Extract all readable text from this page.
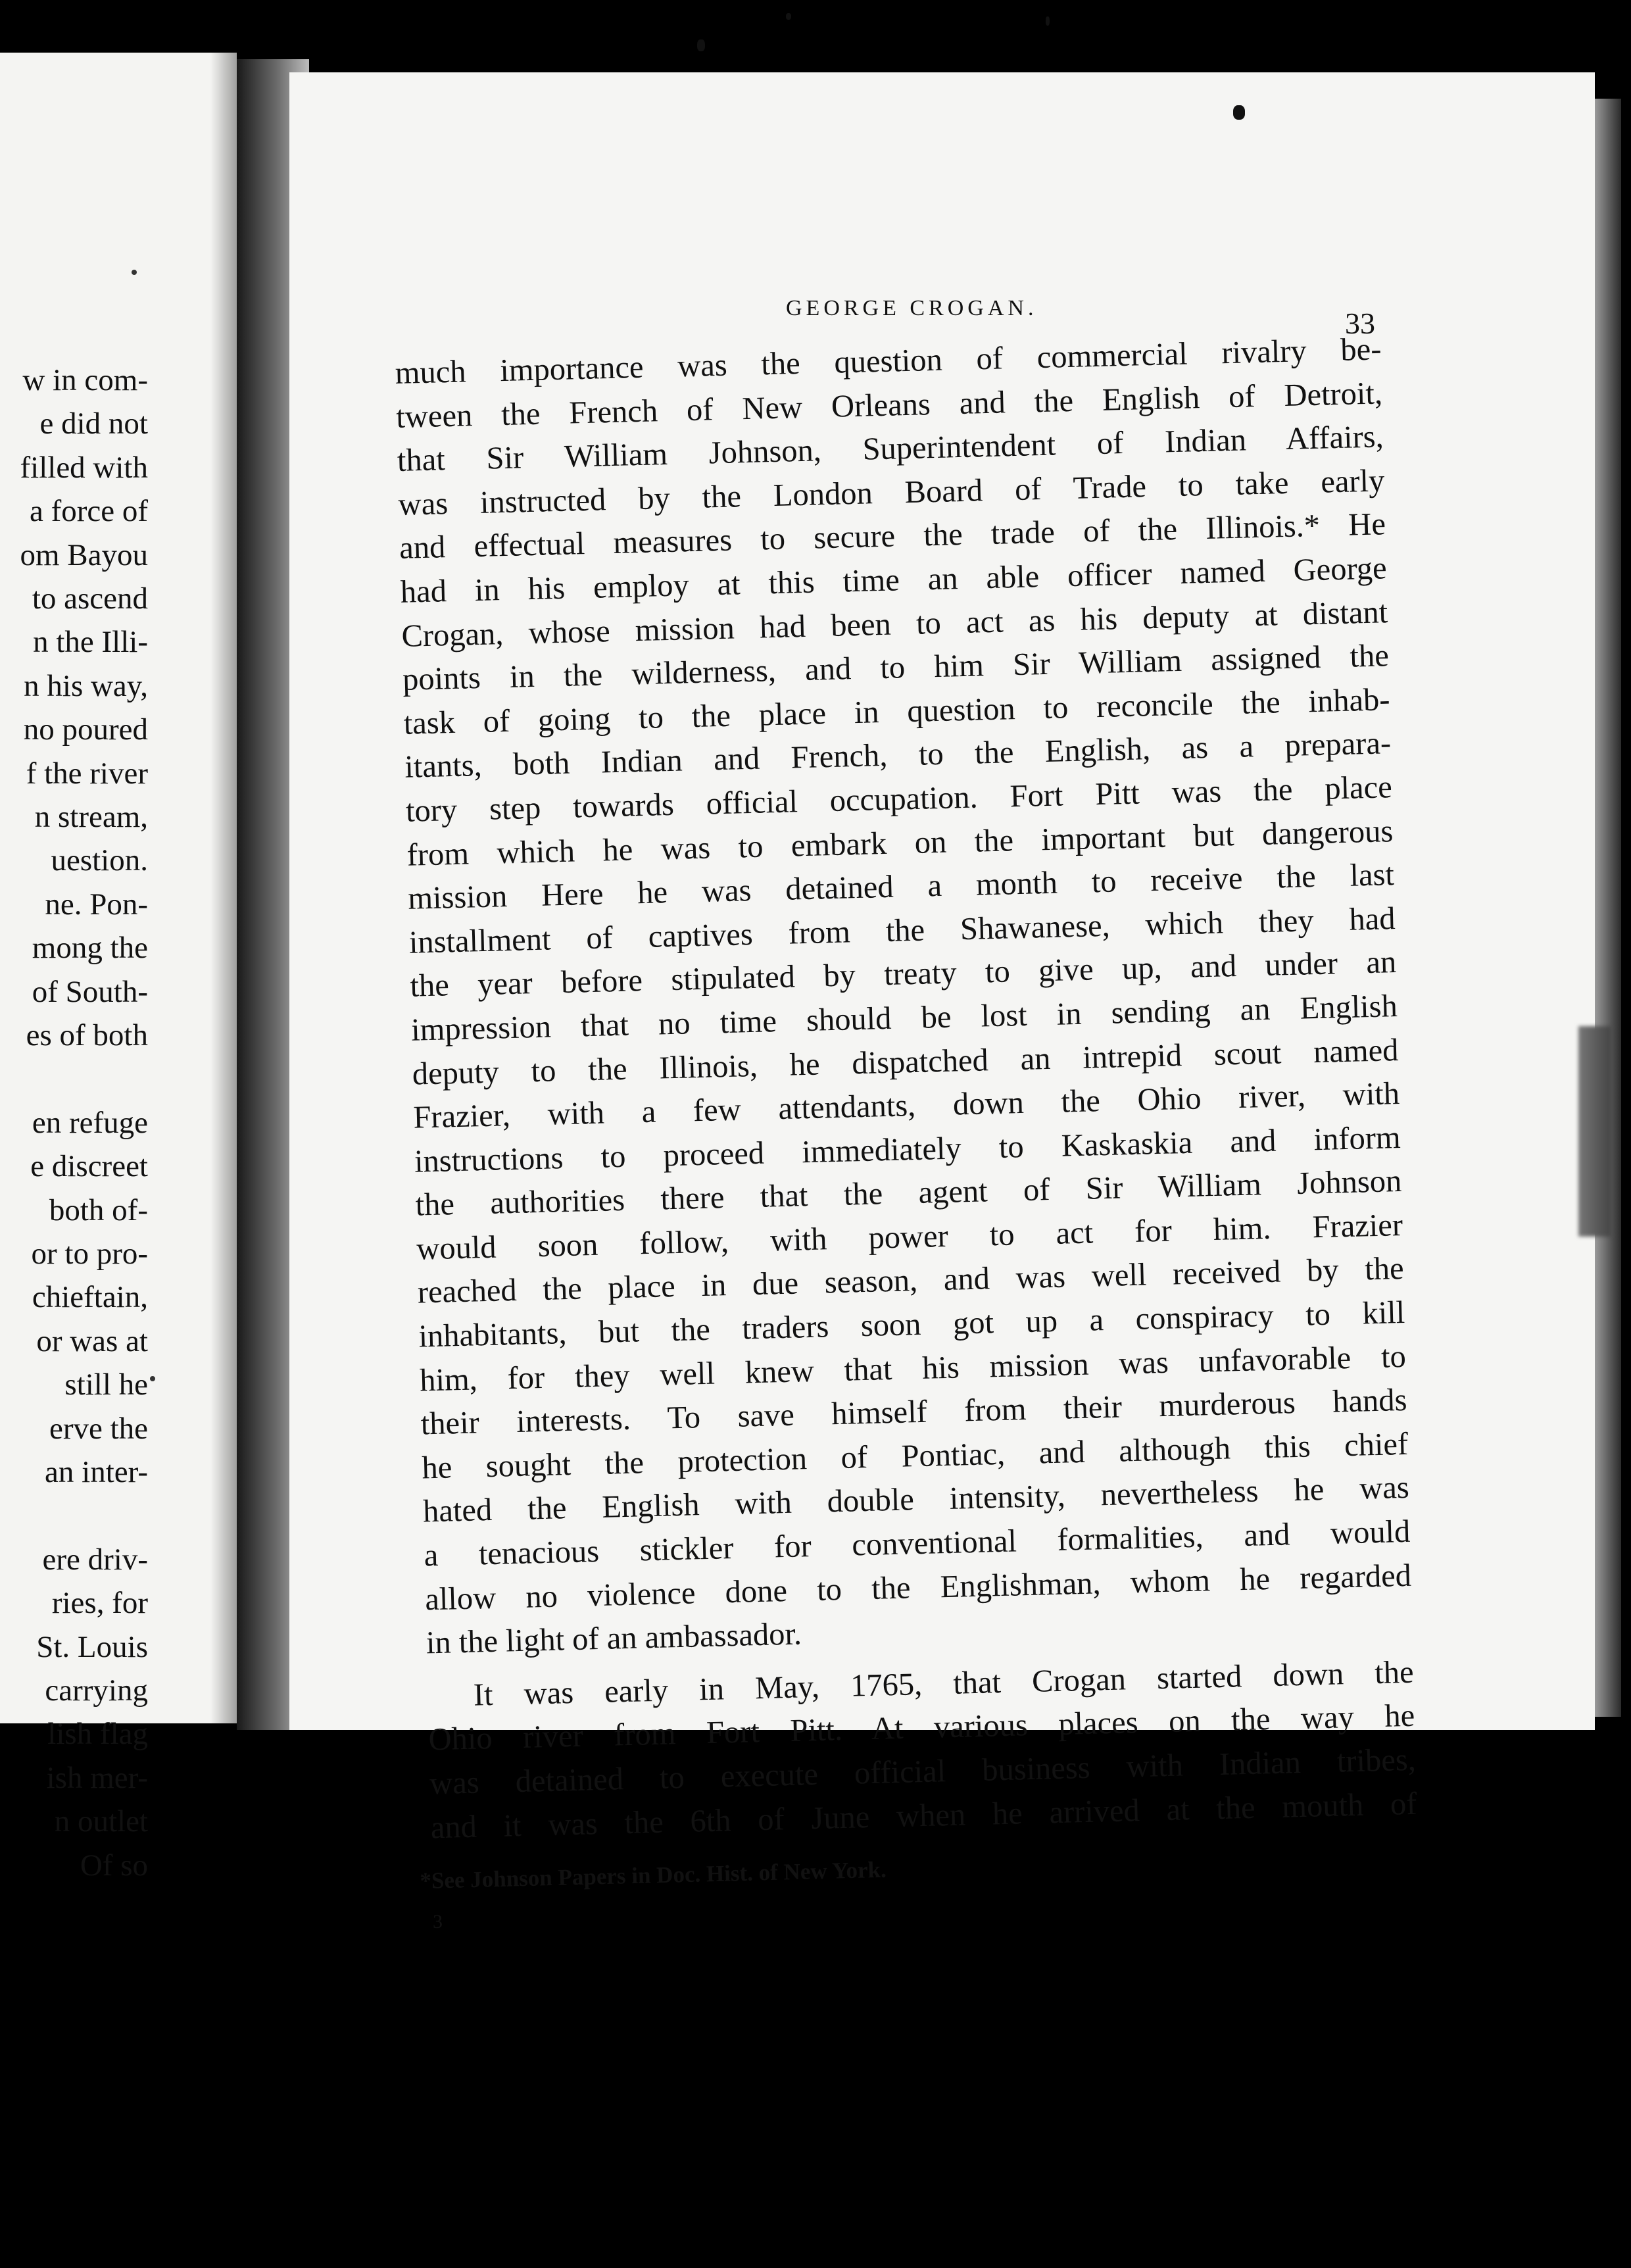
w in com-
e did not
filled with
a force of
om Bayou
to ascend
n the Illi-
n his way,
no poured
f the river
n stream,
uestion.
ne. Pon-
mong the
of South-
es of both
en refuge
e discreet
both of-
or to pro-
chieftain,
or was at
still he
erve the
an inter-
ere driv-
ries, for
St. Louis
carrying
lish flag
ish mer-
n outlet
Of so
GEORGE CROGAN.	33
much importance was the question of commercial rivalry be-
tween the French of New Orleans and the English of Detroit,
that Sir William Johnson, Superintendent of Indian Affairs,
was instructed by the London Board of Trade to take early
and effectual measures to secure the trade of the Illinois.* He
had in his employ at this time an able officer named George
Crogan, whose mission had been to act as his deputy at distant
points in the wilderness, and to him Sir William assigned the
task of going to the place in question to reconcile the inhab-
itants, both Indian and French, to the English, as a prepara-
tory step towards official occupation. Fort Pitt was the place
from which he was to embark on the important but dangerous
mission Here he was detained a month to receive the last
installment of captives from the Shawanese, which they had
the year before stipulated by treaty to give up, and under an
impression that no time should be lost in sending an English
deputy to the Illinois, he dispatched an intrepid scout named
Frazier, with a few attendants, down the Ohio river, with
instructions to proceed immediately to Kaskaskia and inform
the authorities there that the agent of Sir William Johnson
would soon follow, with power to act for him. Frazier
reached the place in due season, and was well received by the
inhabitants, but the traders soon got up a conspiracy to kill
him, for they well knew that his mission was unfavorable to
their interests. To save himself from their murderous hands
he sought the protection of Pontiac, and although this chief
hated the English with double intensity, nevertheless he was
a tenacious stickler for conventional formalities, and would
allow no violence done to the Englishman, whom he regarded
in the light of an ambassador.
It was early in May, 1765, that Crogan started down the
Ohio river from Fort Pitt. At various places on the way he
was detained to execute official business with Indian tribes,
and it was the 6th of June when he arrived at the mouth of
*See Johnson Papers in Doc. Hist. of New York.
3
